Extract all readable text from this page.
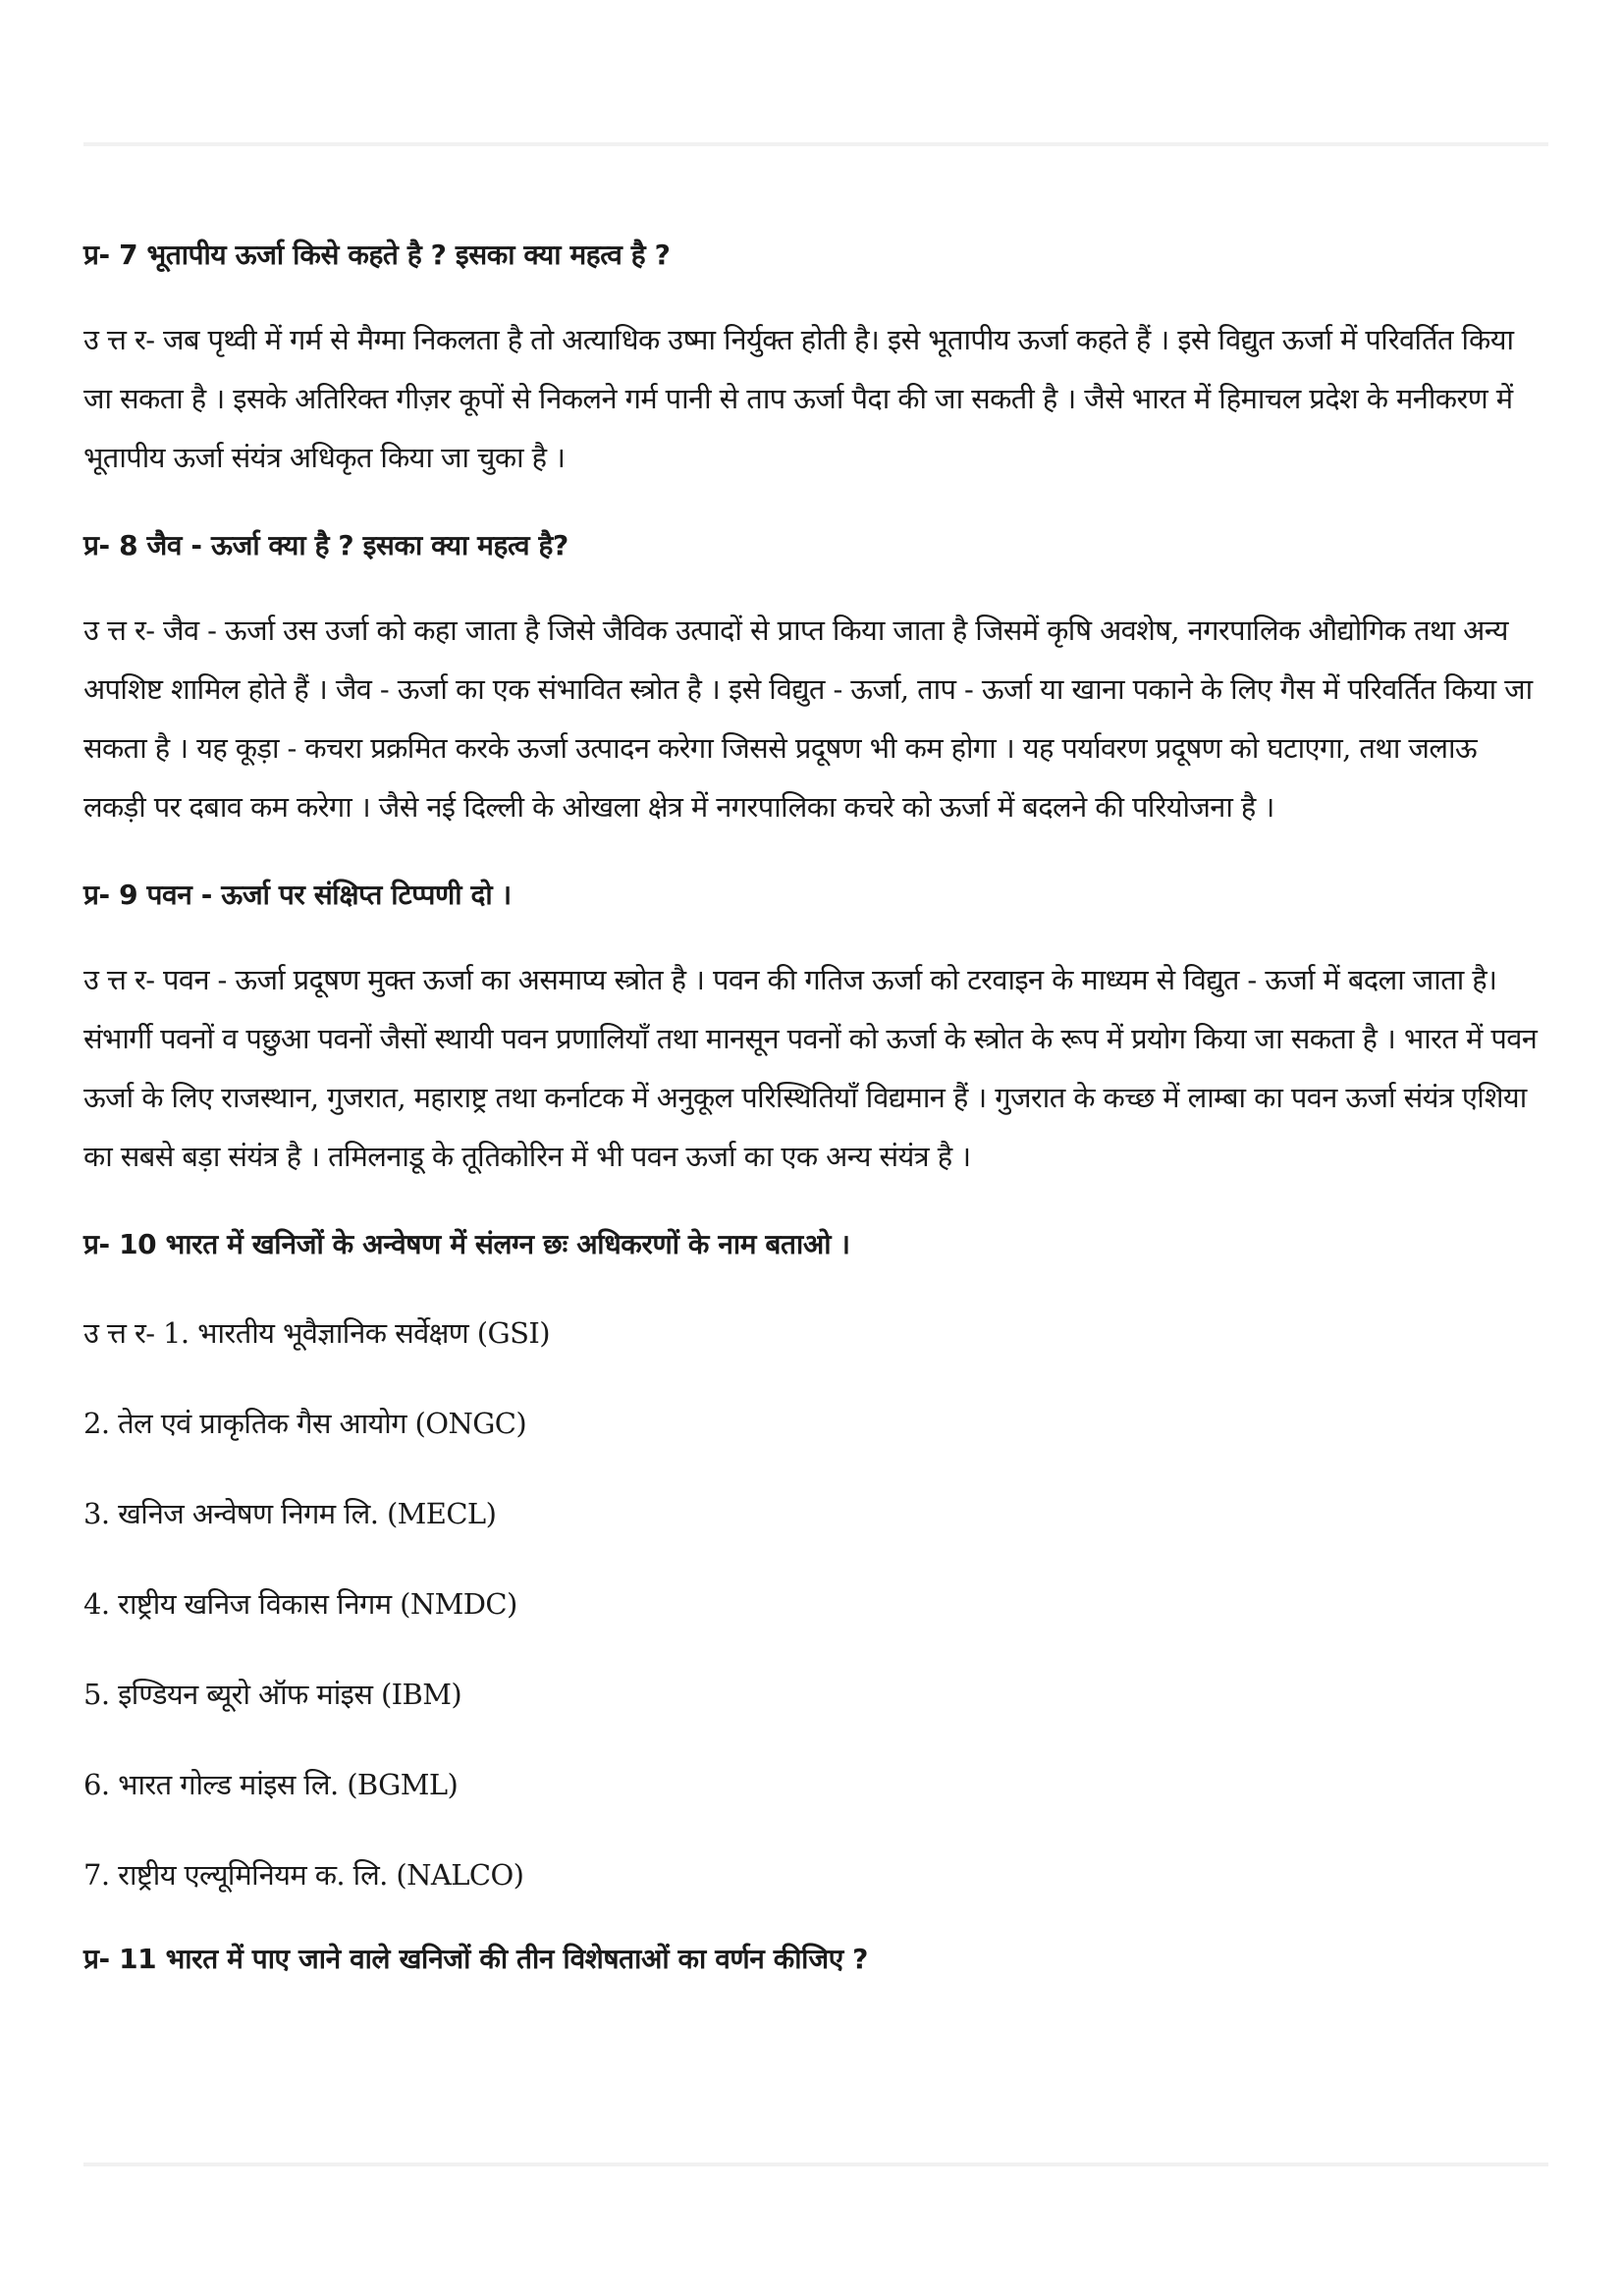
प्र- 7 भूतापीय ऊर्जा किसे कहते है ? इसका क्या महत्व है ?

उ त्त र- जब पृथ्वी में गर्म से मैग्मा निकलता है तो अत्याधिक उष्मा निर्युक्त होती है। इसे भूतापीय ऊर्जा कहते हैं । इसे विद्युत ऊर्जा में परिवर्तित किया जा सकता है । इसके अतिरिक्त गीज़र कूपों से निकलने गर्म पानी से ताप ऊर्जा पैदा की जा सकती है । जैसे भारत में हिमाचल प्रदेश के मनीकरण में भूतापीय ऊर्जा संयंत्र अधिकृत किया जा चुका है ।

प्र- 8 जैव - ऊर्जा क्या है ? इसका क्या महत्व है?

उ त्त र- जैव - ऊर्जा उस उर्जा को कहा जाता है जिसे जैविक उत्पादों से प्राप्त किया जाता है जिसमें कृषि अवशेष, नगरपालिक औद्योगिक तथा अन्य अपशिष्ट शामिल होते हैं । जैव - ऊर्जा का एक संभावित स्त्रोत है । इसे विद्युत - ऊर्जा, ताप - ऊर्जा या खाना पकाने के लिए गैस में परिवर्तित किया जा सकता है । यह कूड़ा - कचरा प्रक्रमित करके ऊर्जा उत्पादन करेगा जिससे प्रदूषण भी कम होगा । यह पर्यावरण प्रदूषण को घटाएगा, तथा जलाऊ लकड़ी पर दबाव कम करेगा । जैसे नई दिल्ली के ओखला क्षेत्र में नगरपालिका कचरे को ऊर्जा में बदलने की परियोजना है ।

प्र- 9 पवन - ऊर्जा पर संक्षिप्त टिप्पणी दो ।

उ त्त र- पवन - ऊर्जा प्रदूषण मुक्त ऊर्जा का असमाप्य स्त्रोत है । पवन की गतिज ऊर्जा को टरवाइन के माध्यम से विद्युत - ऊर्जा में बदला जाता है। संभार्गी पवनों व पछुआ पवनों जैसों स्थायी पवन प्रणालियाँ तथा मानसून पवनों को ऊर्जा के स्त्रोत के रूप में प्रयोग किया जा सकता है । भारत में पवन ऊर्जा के लिए राजस्थान, गुजरात, महाराष्ट्र तथा कर्नाटक में अनुकूल परिस्थितियाँ विद्यमान हैं । गुजरात के कच्छ में लाम्बा का पवन ऊर्जा संयंत्र एशिया का सबसे बड़ा संयंत्र है । तमिलनाडू के तूतिकोरिन में भी पवन ऊर्जा का एक अन्य संयंत्र है ।

प्र- 10 भारत में खनिजों के अन्वेषण में संलग्न छः अधिकरणों के नाम बताओ ।

उ त्त र- 1. भारतीय भूवैज्ञानिक सर्वेक्षण (GSI)

2. तेल एवं प्राकृतिक गैस आयोग (ONGC)

3. खनिज अन्वेषण निगम लि. (MECL)

4. राष्ट्रीय खनिज विकास निगम (NMDC)

5. इण्डियन ब्यूरो ऑफ मांइस (IBM)

6. भारत गोल्ड मांइस लि. (BGML)

7. राष्ट्रीय एल्यूमिनियम क. लि. (NALCO)

प्र- 11 भारत में पाए जाने वाले खनिजों की तीन विशेषताओं का वर्णन कीजिए ?
